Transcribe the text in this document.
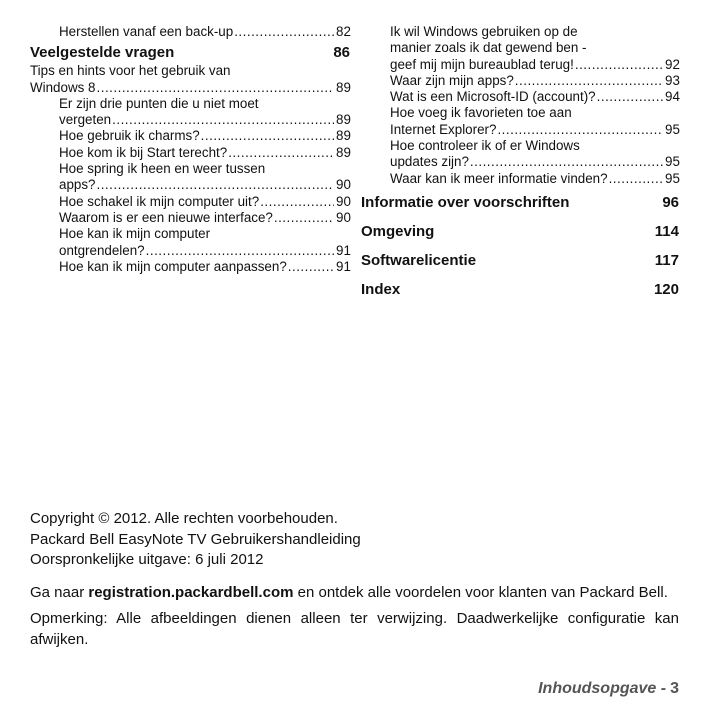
Herstellen vanaf een back-up .....	82
Veelgestelde vragen	86
Tips en hints voor het gebruik van
Windows 8 .....	89
Er zijn drie punten die u niet moet
vergeten .....	89
Hoe gebruik ik charms? .....	89
Hoe kom ik bij Start terecht? .....	89
Hoe spring ik heen en weer tussen
apps? .....	90
Hoe schakel ik mijn computer uit? .....	90
Waarom is er een nieuwe interface? .....	90
Hoe kan ik mijn computer
ontgrendelen? .....	91
Hoe kan ik mijn computer aanpassen? .....	91
Ik wil Windows gebruiken op de
manier zoals ik dat gewend ben -
geef mij mijn bureaublad terug! .....	92
Waar zijn mijn apps? .....	93
Wat is een Microsoft-ID (account)? .....	94
Hoe voeg ik favorieten toe aan
Internet Explorer? .....	95
Hoe controleer ik of er Windows
updates zijn? .....	95
Waar kan ik meer informatie vinden? .....	95
Informatie over voorschriften	96
Omgeving	114
Softwarelicentie	117
Index	120

Copyright © 2012. Alle rechten voorbehouden.

Packard Bell EasyNote TV Gebruikershandleiding

Oorspronkelijke uitgave: 6 juli 2012

Ga naar registration.packardbell.com en ontdek alle voordelen voor klanten van Packard Bell.

Opmerking: Alle afbeeldingen dienen alleen ter verwijzing. Daadwerkelijke configuratie kan afwijken.

Inhoudsopgave - 3
